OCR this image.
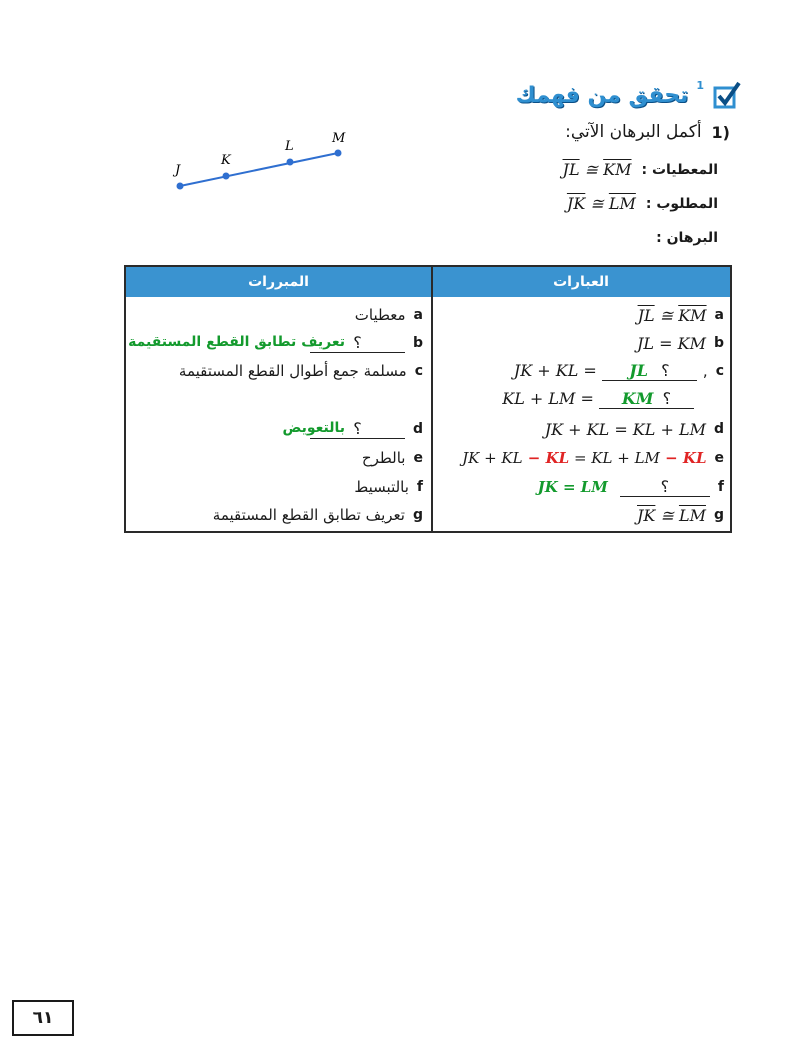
1
تحقق من فهمك
1)
أكمل البرهان الآتي:
المعطيات :
$\overline{JL}$ ≅ $\overline{KM}$
المطلوب :
$\overline{JK}$ ≅ $\overline{LM}$
البرهان :
J
K
L
M
العبارات
المبررات
a
$\overline{JL}$ ≅ $\overline{KM}$
b
JL = KM
c
,
JK + KL = JL ؟
KL + LM = KM ؟
d
JK + KL = KL + LM
e
JK + KL − KL = KL + LM − KL
f
؟
JK = LM
g
$\overline{JK}$ ≅ $\overline{LM}$
a
معطيات
b
؟
تعريف تطابق القطع المستقيمة
c
مسلمة جمع أطوال القطع المستقيمة
d
؟
بالتعويض
e
بالطرح
f
بالتبسيط
g
تعريف تطابق القطع المستقيمة
٦١
